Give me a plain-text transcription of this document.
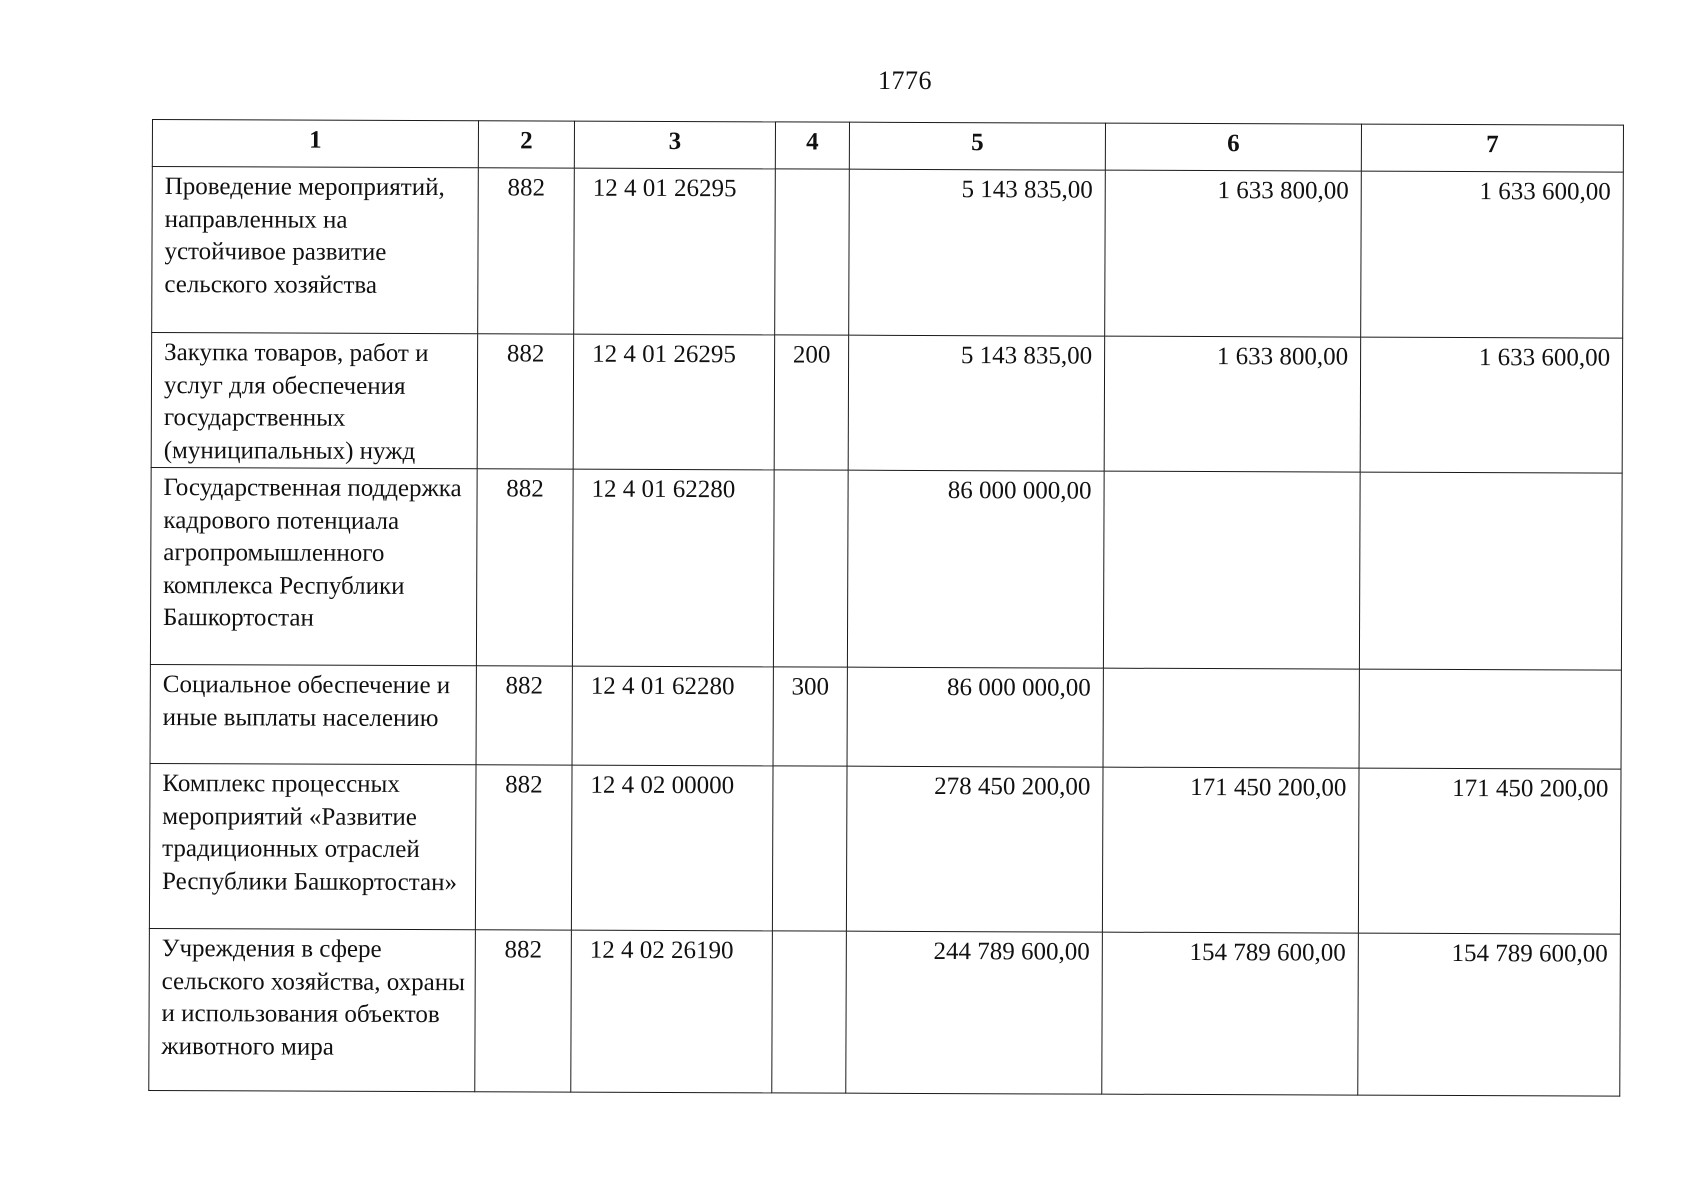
1776
1	2	3	4	5	6	7
Проведение мероприятий, направленных на устойчивое развитие сельского хозяйства	882	12 4 01 26295		5 143 835,00	1 633 800,00	1 633 600,00
Закупка товаров, работ и услуг для обеспечения государственных (муниципальных) нужд	882	12 4 01 26295	200	5 143 835,00	1 633 800,00	1 633 600,00
Государственная поддержка кадрового потенциала агропромышленного комплекса Республики Башкортостан	882	12 4 01 62280		86 000 000,00		
Социальное обеспечение и иные выплаты населению	882	12 4 01 62280	300	86 000 000,00		
Комплекс процессных мероприятий «Развитие традиционных отраслей Республики Башкортостан»	882	12 4 02 00000		278 450 200,00	171 450 200,00	171 450 200,00
Учреждения в сфере сельского хозяйства, охраны и использования объектов животного мира	882	12 4 02 26190		244 789 600,00	154 789 600,00	154 789 600,00
